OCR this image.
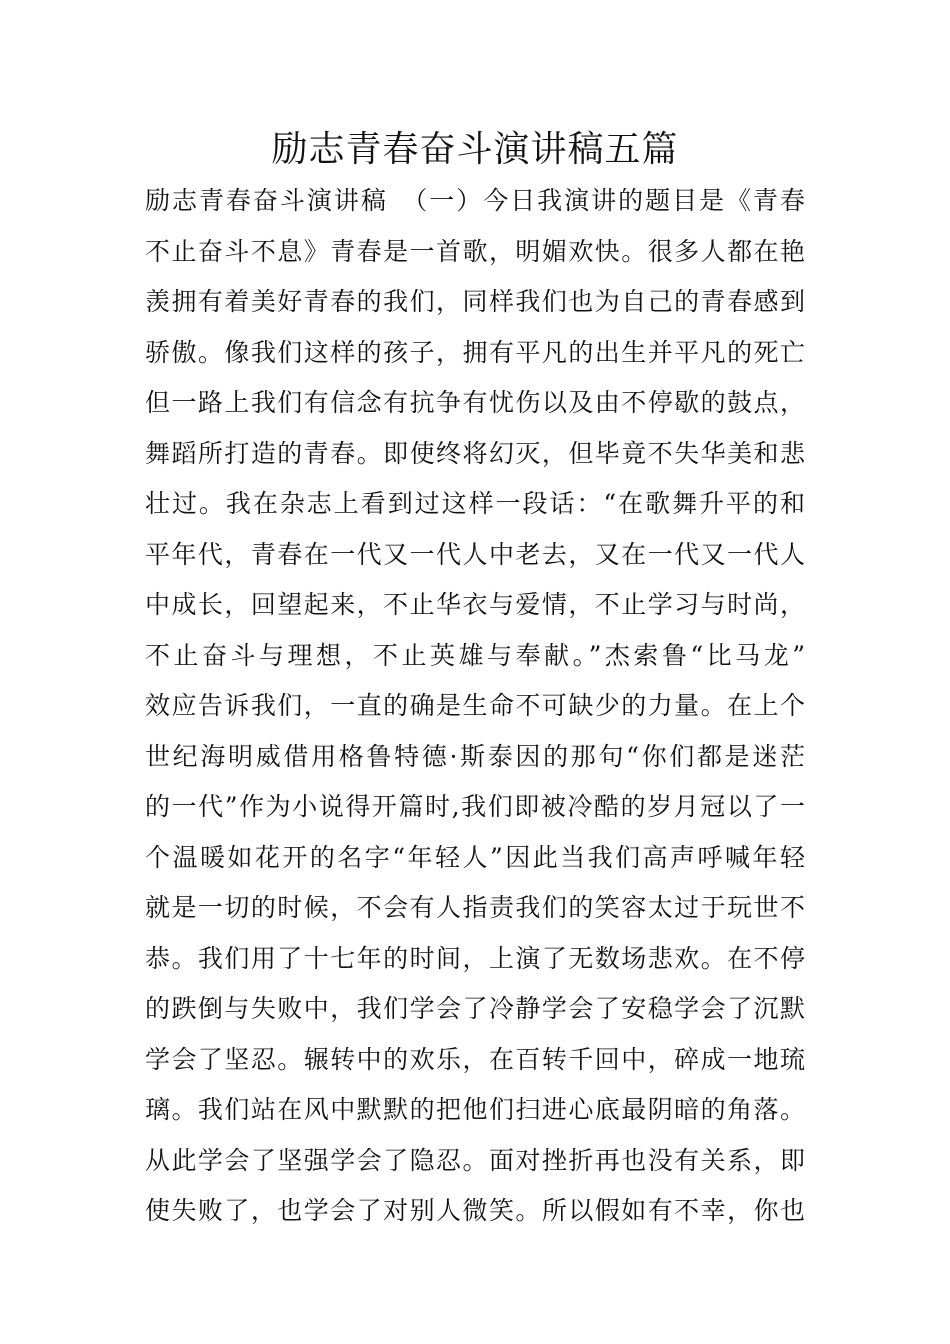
励志青春奋斗演讲稿五篇
励志青春奋斗演讲稿　（一）今日我演讲的题目是《青春
不止奋斗不息》青春是一首歌，明媚欢快。很多人都在艳
羡拥有着美好青春的我们，同样我们也为自己的青春感到
骄傲。像我们这样的孩子，拥有平凡的出生并平凡的死亡
但一路上我们有信念有抗争有忧伤以及由不停歇的鼓点，
舞蹈所打造的青春。即使终将幻灭，但毕竟不失华美和悲
壮过。我在杂志上看到过这样一段话：“在歌舞升平的和
平年代，青春在一代又一代人中老去，又在一代又一代人
中成长，回望起来，不止华衣与爱情，不止学习与时尚，
不止奋斗与理想，不止英雄与奉献。”杰索鲁“比马龙”
效应告诉我们，一直的确是生命不可缺少的力量。在上个
世纪海明威借用格鲁特德·斯泰因的那句“你们都是迷茫
的一代”作为小说得开篇时,我们即被冷酷的岁月冠以了一
个温暖如花开的名字“年轻人”因此当我们高声呼喊年轻
就是一切的时候，不会有人指责我们的笑容太过于玩世不
恭。我们用了十七年的时间，上演了无数场悲欢。在不停
的跌倒与失败中，我们学会了冷静学会了安稳学会了沉默
学会了坚忍。辗转中的欢乐，在百转千回中，碎成一地琉
璃。我们站在风中默默的把他们扫进心底最阴暗的角落。
从此学会了坚强学会了隐忍。面对挫折再也没有关系，即
使失败了，也学会了对别人微笑。所以假如有不幸，你也
